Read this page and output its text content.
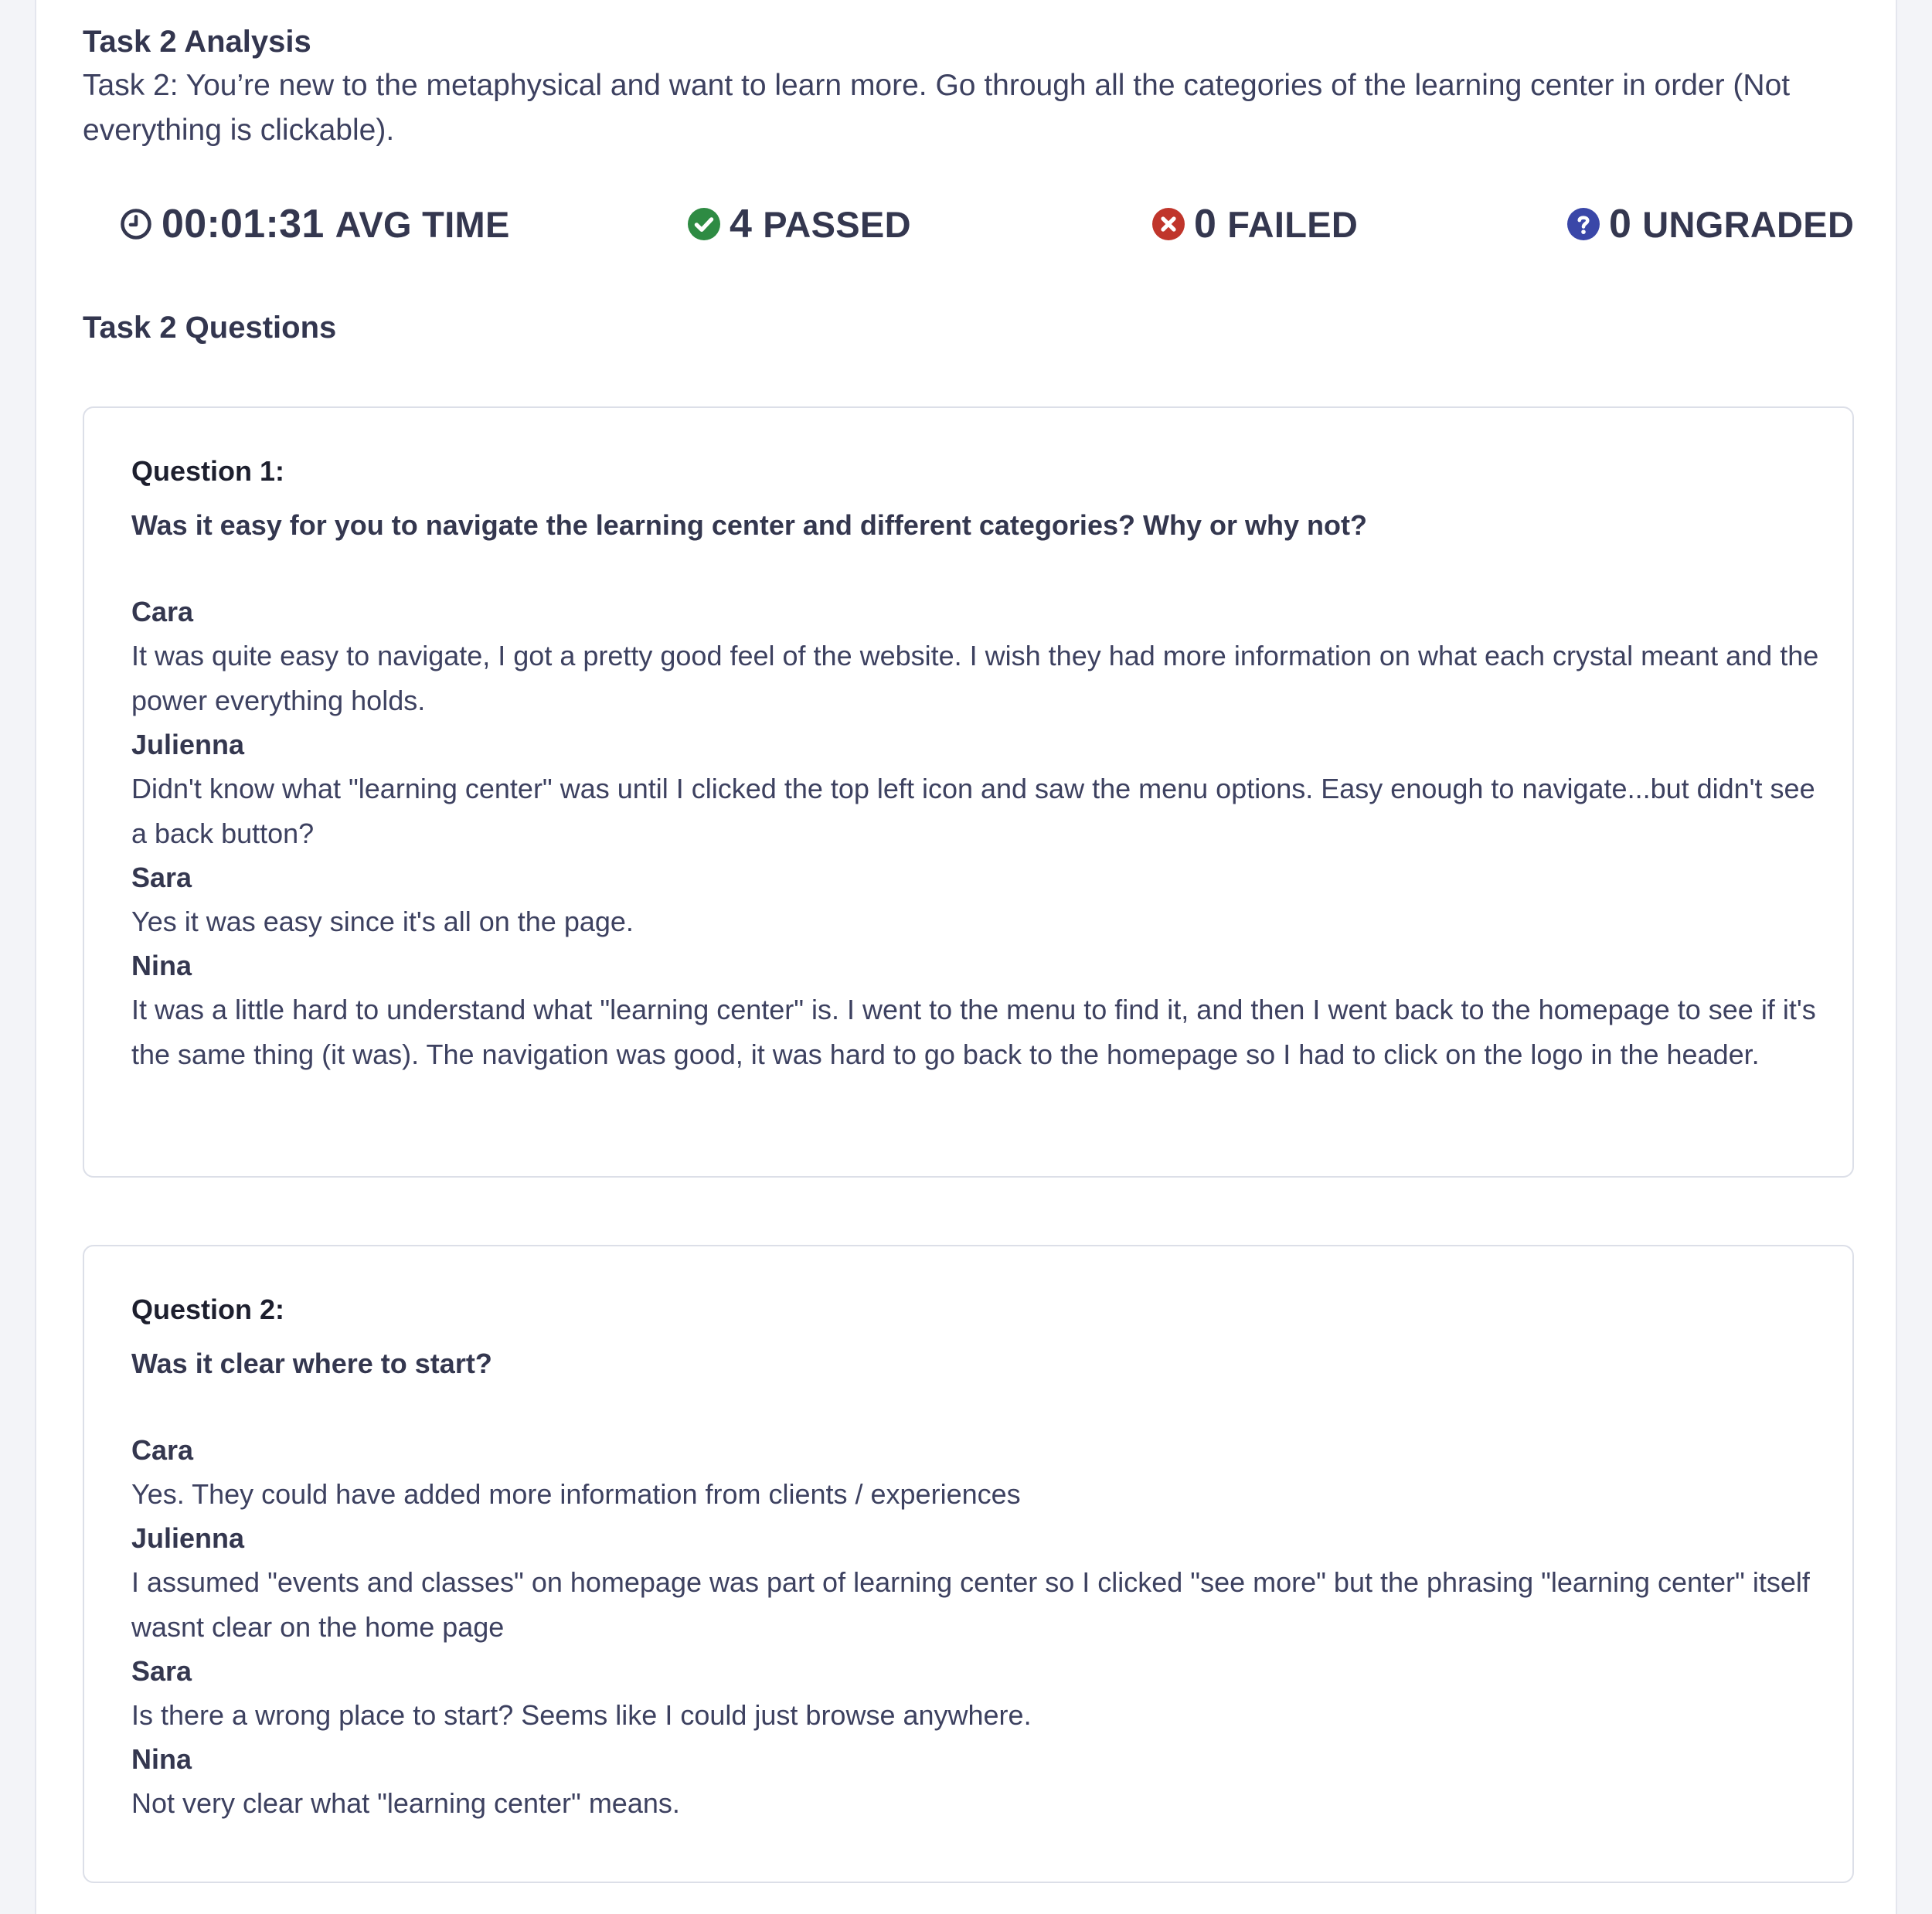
Task 2 Analysis

Task 2: You’re new to the metaphysical and want to learn more. Go through all the categories of the learning center in order (Not everything is clickable).

00:01:31 AVG TIME	4 PASSED	0 FAILED	0 UNGRADED
Task 2 Questions

Question 1:

Was it easy for you to navigate the learning center and different categories? Why or why not?

Cara

It was quite easy to navigate, I got a pretty good feel of the website. I wish they had more information on what each crystal meant and the power everything holds.

Julienna

Didn't know what "learning center" was until I clicked the top left icon and saw the menu options. Easy enough to navigate...but didn't see a back button?

Sara

Yes it was easy since it's all on the page.

Nina

It was a little hard to understand what "learning center" is. I went to the menu to find it, and then I went back to the homepage to see if it's the same thing (it was). The navigation was good, it was hard to go back to the homepage so I had to click on the logo in the header.

Question 2:

Was it clear where to start?

Cara

Yes. They could have added more information from clients / experiences

Julienna

I assumed "events and classes" on homepage was part of learning center so I clicked "see more" but the phrasing "learning center" itself wasnt clear on the home page

Sara

Is there a wrong place to start? Seems like I could just browse anywhere.

Nina

Not very clear what "learning center" means.
